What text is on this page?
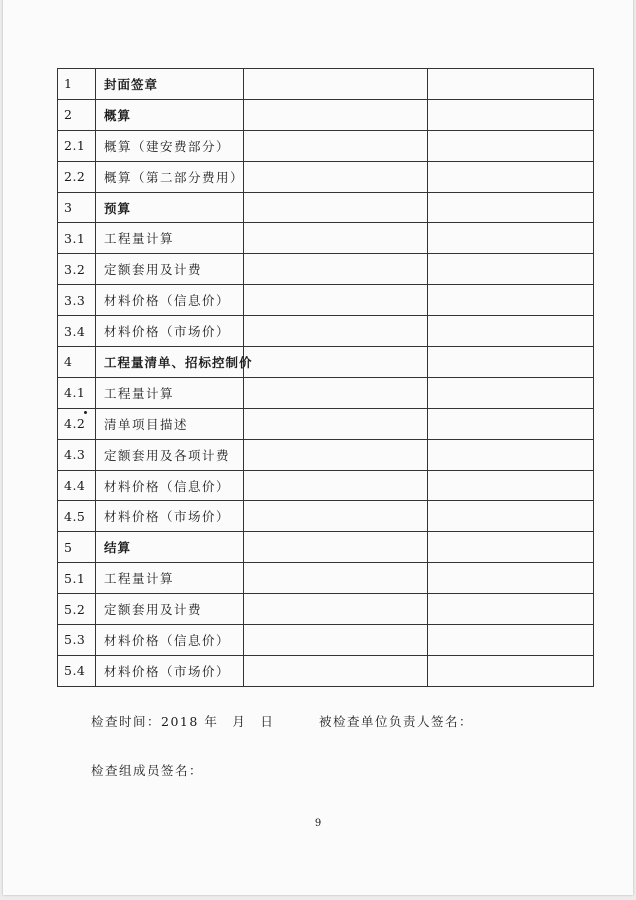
1	封面签章		
2	概算		
2.1	概算（建安费部分）		
2.2	概算（第二部分费用）		
3	预算		
3.1	工程量计算		
3.2	定额套用及计费		
3.3	材料价格（信息价）		
3.4	材料价格（市场价）		
4	工程量清单、招标控制价		
4.1	工程量计算		
4.2	清单项目描述		
4.3	定额套用及各项计费		
4.4	材料价格（信息价）		
4.5	材料价格（市场价）		
5	结算		
5.1	工程量计算		
5.2	定额套用及计费		
5.3	材料价格（信息价）		
5.4	材料价格（市场价）		
检查时间：2018 年 月 日	被检查单位负责人签名：
检查组成员签名：
9
